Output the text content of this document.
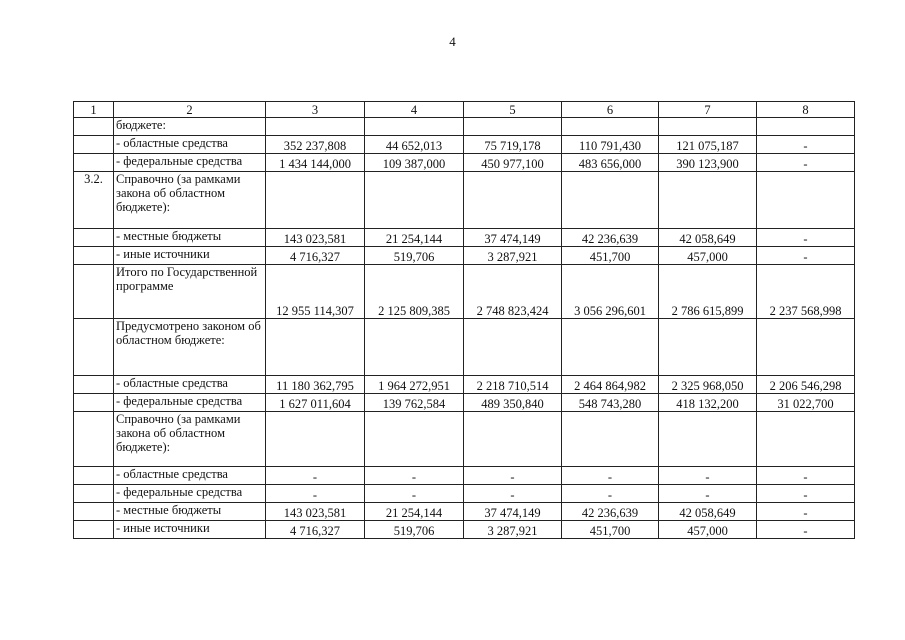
4
1	2	3	4	5	6	7	8
	бюджете:						
	- областные средства	352 237,808	44 652,013	75 719,178	110 791,430	121 075,187	-
	- федеральные средства	1 434 144,000	109 387,000	450 977,100	483 656,000	390 123,900	-
3.2.	Справочно (за рамками закона об областном бюджете):						
	- местные бюджеты	143 023,581	21 254,144	37 474,149	42 236,639	42 058,649	-
	- иные источники	4 716,327	519,706	3 287,921	451,700	457,000	-
	Итого по Государственной программе	12 955 114,307	2 125 809,385	2 748 823,424	3 056 296,601	2 786 615,899	2 237 568,998
	Предусмотрено законом об областном бюджете:						
	- областные средства	11 180 362,795	1 964 272,951	2 218 710,514	2 464 864,982	2 325 968,050	2 206 546,298
	- федеральные средства	1 627 011,604	139 762,584	489 350,840	548 743,280	418 132,200	31 022,700
	Справочно (за рамками закона об областном бюджете):						
	- областные средства	-	-	-	-	-	-
	- федеральные средства	-	-	-	-	-	-
	- местные бюджеты	143 023,581	21 254,144	37 474,149	42 236,639	42 058,649	-
	- иные источники	4 716,327	519,706	3 287,921	451,700	457,000	-
